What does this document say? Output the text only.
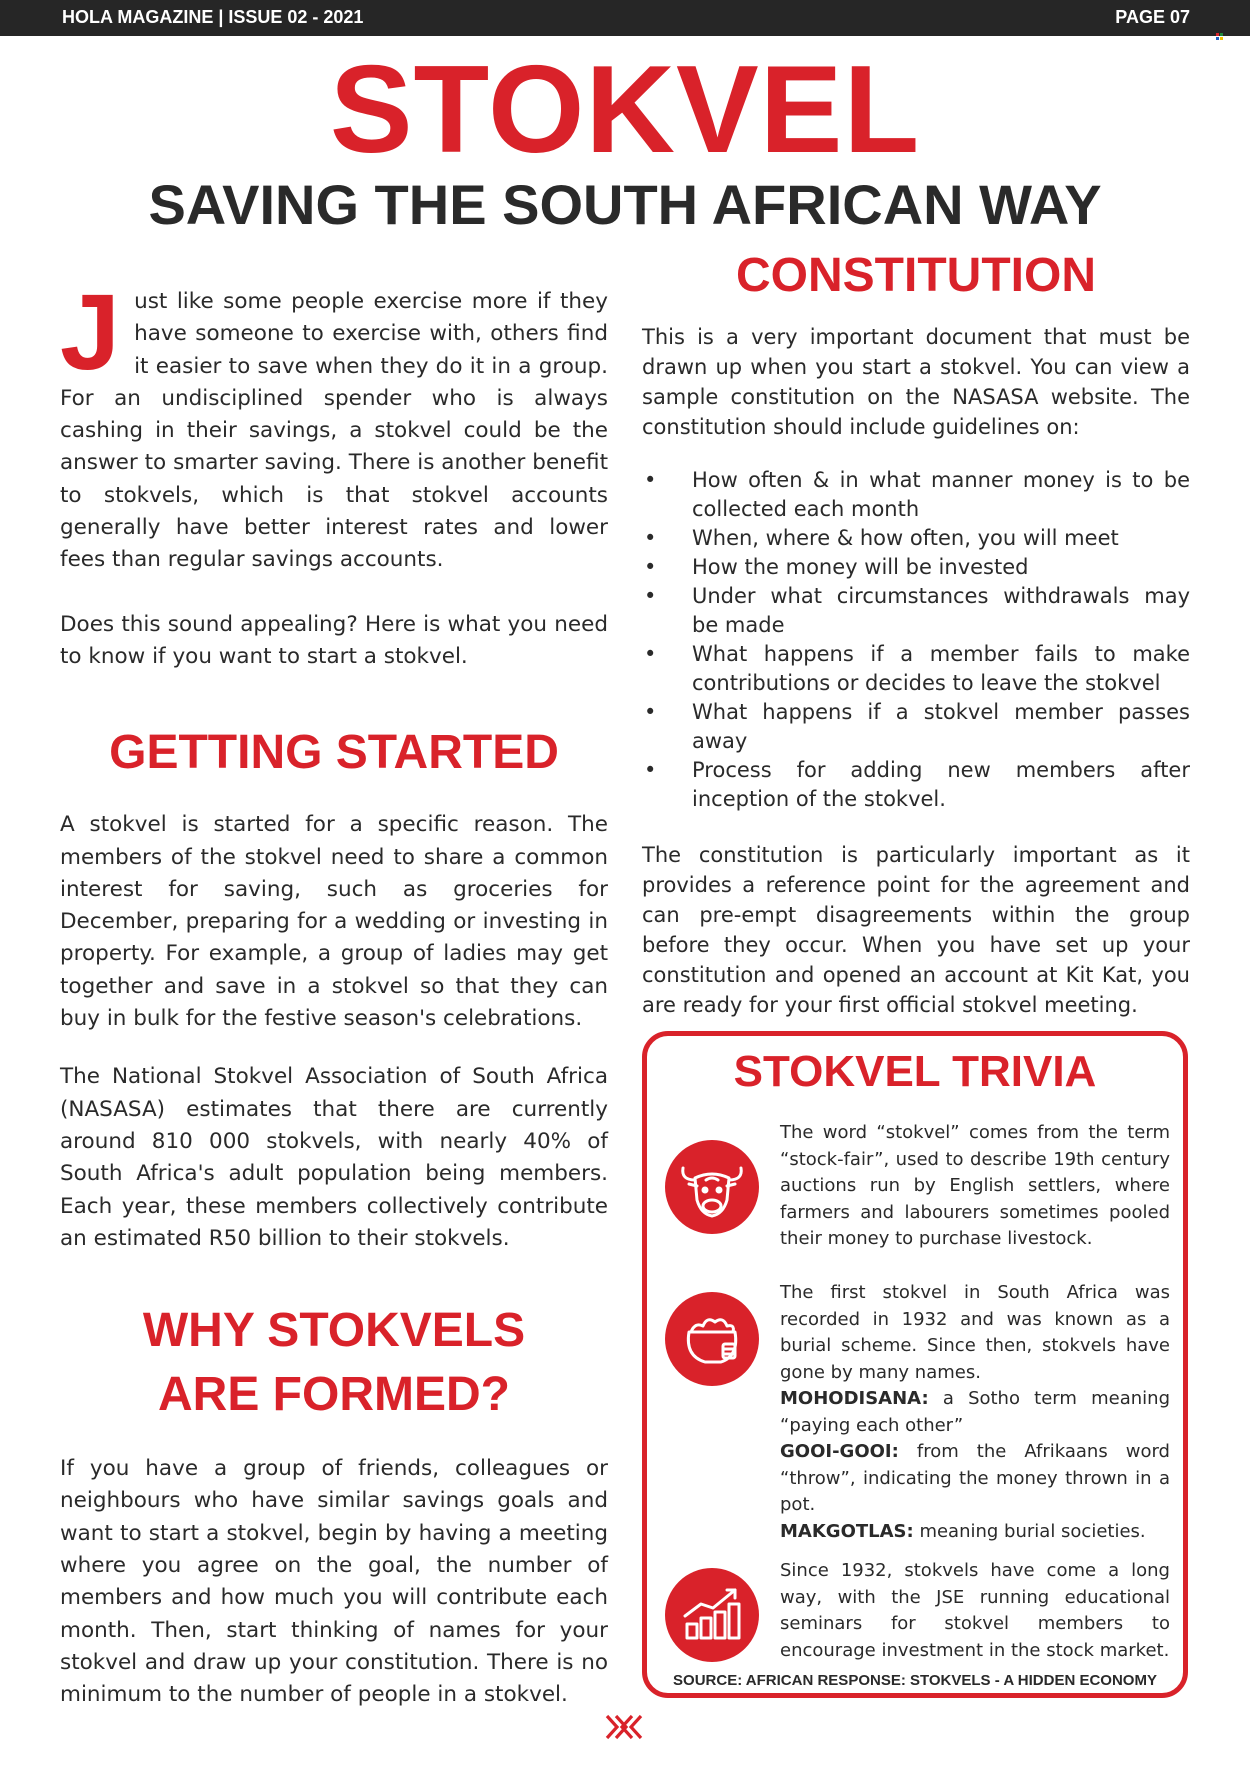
HOLA MAGAZINE | ISSUE 02 - 2021	PAGE 07
STOKVEL
SAVING THE SOUTH AFRICAN WAY

Just like some people exercise more if they have someone to exercise with, others find it easier to save when they do it in a group. For an undisciplined spender who is always cashing in their savings, a stokvel could be the answer to smarter saving. There is another benefit to stokvels, which is that stokvel accounts generally have better interest rates and lower fees than regular savings accounts.

Does this sound appealing? Here is what you need to know if you want to start a stokvel.

GETTING STARTED

A stokvel is started for a specific reason. The members of the stokvel need to share a common interest for saving, such as groceries for December, preparing for a wedding or investing in property. For example, a group of ladies may get together and save in a stokvel so that they can buy in bulk for the festive season's celebrations.

The National Stokvel Association of South Africa (NASASA) estimates that there are currently around 810 000 stokvels, with nearly 40% of South Africa's adult population being members. Each year, these members collectively contribute an estimated R50 billion to their stokvels.

WHY STOKVELS
ARE FORMED?

If you have a group of friends, colleagues or neighbours who have similar savings goals and want to start a stokvel, begin by having a meeting where you agree on the goal, the number of members and how much you will contribute each month. Then, start thinking of names for your stokvel and draw up your constitution. There is no minimum to the number of people in a stokvel.

CONSTITUTION

This is a very important document that must be drawn up when you start a stokvel. You can view a sample constitution on the NASASA website. The constitution should include guidelines on:

• How often & in what manner money is to be collected each month
• When, where & how often, you will meet
• How the money will be invested
• Under what circumstances withdrawals may be made
• What happens if a member fails to make contributions or decides to leave the stokvel
• What happens if a stokvel member passes away
• Process for adding new members after inception of the stokvel.

The constitution is particularly important as it provides a reference point for the agreement and can pre-empt disagreements within the group before they occur. When you have set up your constitution and opened an account at Kit Kat, you are ready for your first official stokvel meeting.

STOKVEL TRIVIA
The word “stokvel” comes from the term “stock-fair”, used to describe 19th century auctions run by English settlers, where farmers and labourers sometimes pooled their money to purchase livestock.

The first stokvel in South Africa was recorded in 1932 and was known as a burial scheme. Since then, stokvels have gone by many names.

MOHODISANA: a Sotho term meaning “paying each other”

GOOI-GOOI: from the Afrikaans word “throw”, indicating the money thrown in a pot.

MAKGOTLAS: meaning burial societies.

Since 1932, stokvels have come a long way, with the JSE running educational seminars for stokvel members to encourage investment in the stock market.
SOURCE: AFRICAN RESPONSE: STOKVELS - A HIDDEN ECONOMY
